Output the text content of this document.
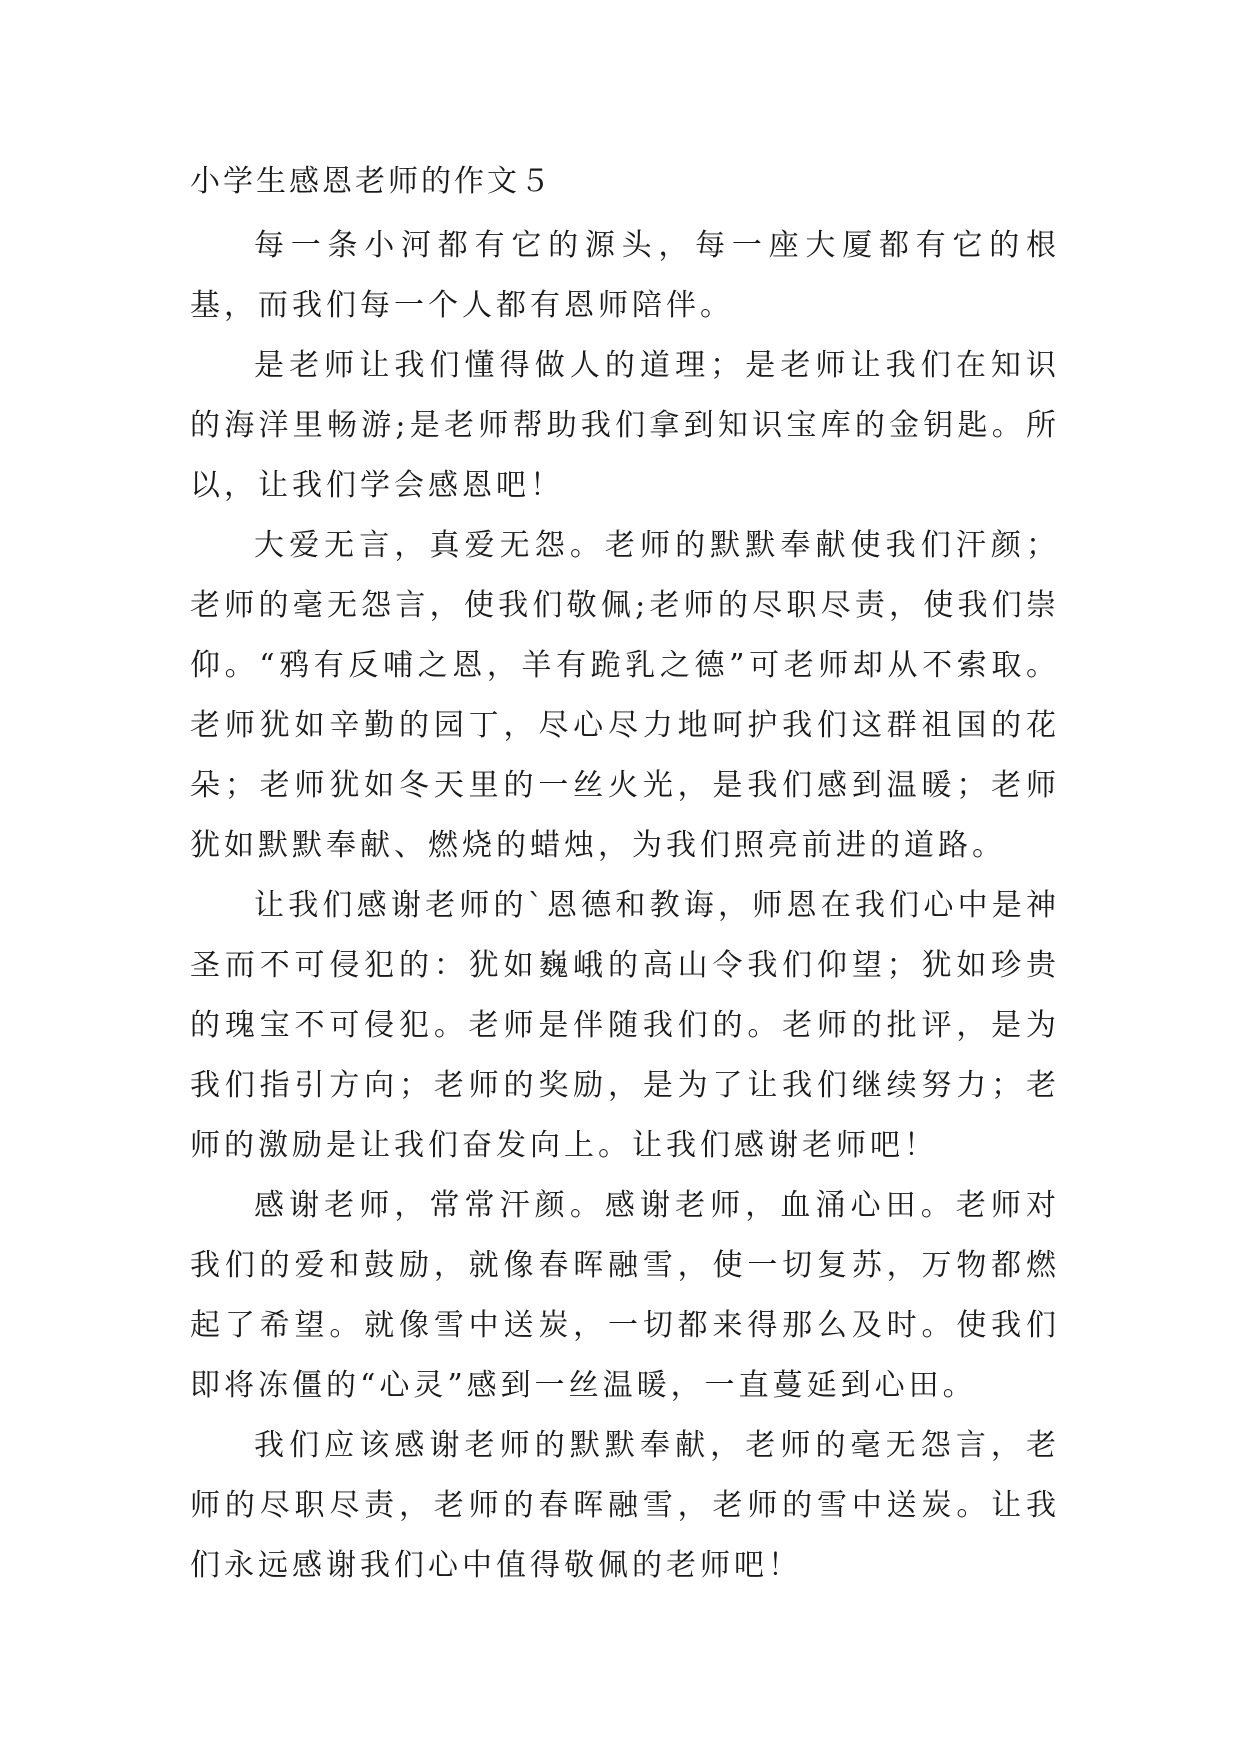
小学生感恩老师的作文５

每一条小河都有它的源头，每一座大厦都有它的根基，而我们每一个人都有恩师陪伴。

是老师让我们懂得做人的道理；是老师让我们在知识的海洋里畅游;是老师帮助我们拿到知识宝库的金钥匙。所以，让我们学会感恩吧！

大爱无言，真爱无怨。老师的默默奉献使我们汗颜；老师的毫无怨言，使我们敬佩;老师的尽职尽责，使我们崇仰。“鸦有反哺之恩，羊有跪乳之德”可老师却从不索取。老师犹如辛勤的园丁，尽心尽力地呵护我们这群祖国的花朵；老师犹如冬天里的一丝火光，是我们感到温暖；老师犹如默默奉献、燃烧的蜡烛，为我们照亮前进的道路。

让我们感谢老师的`恩德和教诲，师恩在我们心中是神圣而不可侵犯的：犹如巍峨的高山令我们仰望；犹如珍贵的瑰宝不可侵犯。老师是伴随我们的。老师的批评，是为我们指引方向；老师的奖励，是为了让我们继续努力；老师的激励是让我们奋发向上。让我们感谢老师吧！

感谢老师，常常汗颜。感谢老师，血涌心田。老师对我们的爱和鼓励，就像春晖融雪，使一切复苏，万物都燃起了希望。就像雪中送炭，一切都来得那么及时。使我们即将冻僵的“心灵”感到一丝温暖，一直蔓延到心田。

我们应该感谢老师的默默奉献，老师的毫无怨言，老师的尽职尽责，老师的春晖融雪，老师的雪中送炭。让我们永远感谢我们心中值得敬佩的老师吧！
